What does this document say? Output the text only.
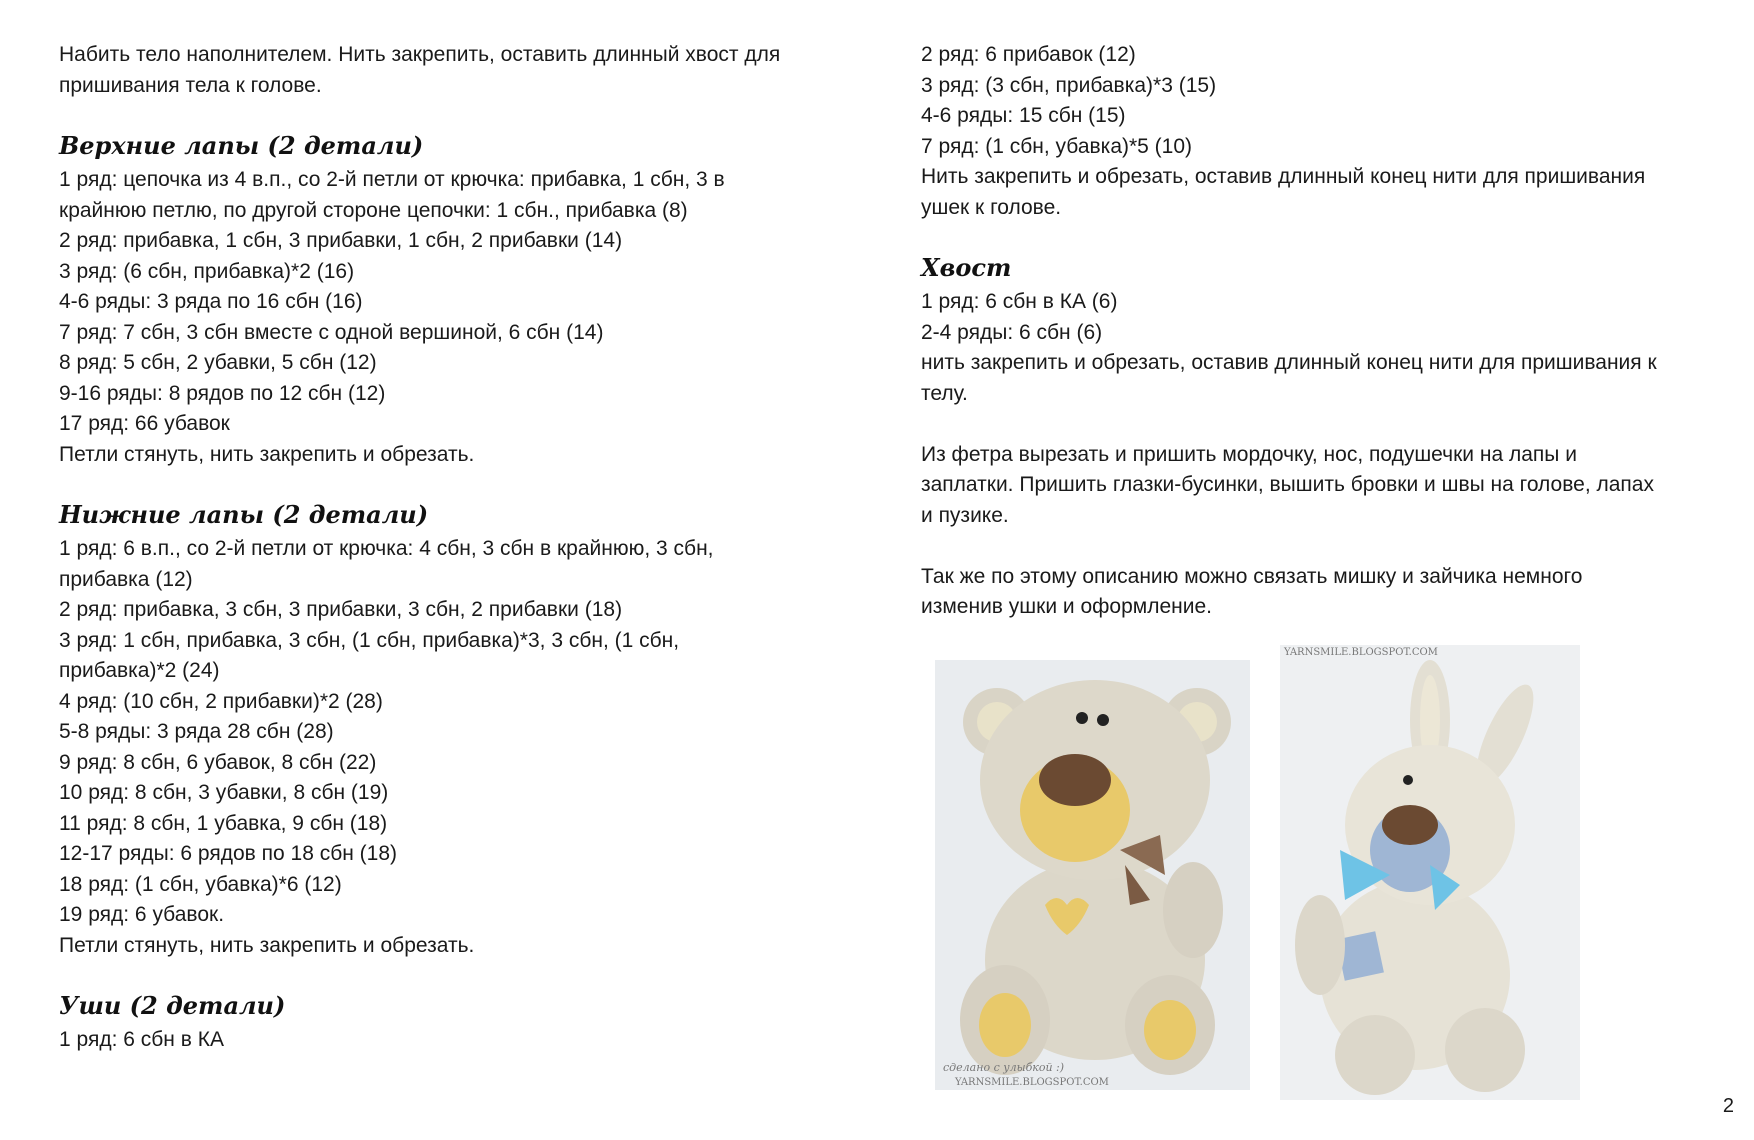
Набить тело наполнителем. Нить закрепить, оставить длинный хвост для
пришивания тела к голове.
Верхние лапы (2 детали)
1 ряд: цепочка из 4 в.п., со 2-й петли от крючка: прибавка, 1 сбн, 3 в
крайнюю петлю, по другой стороне цепочки: 1 сбн., прибавка (8)
2 ряд: прибавка, 1 сбн, 3 прибавки, 1 сбн, 2 прибавки (14)
3 ряд: (6 сбн, прибавка)*2 (16)
4-6 ряды: 3 ряда по 16 сбн (16)
7 ряд: 7 сбн, 3 сбн вместе с одной вершиной, 6 сбн (14)
8 ряд: 5 сбн, 2 убавки, 5 сбн (12)
9-16 ряды: 8 рядов по 12 сбн (12)
17 ряд: 66 убавок
Петли стянуть, нить закрепить и обрезать.
Нижние лапы (2 детали)
1 ряд: 6 в.п., со 2-й петли от крючка: 4 сбн, 3 сбн в крайнюю, 3 сбн,
прибавка (12)
2 ряд: прибавка, 3 сбн, 3 прибавки, 3 сбн, 2 прибавки (18)
3 ряд: 1 сбн, прибавка, 3 сбн, (1 сбн, прибавка)*3, 3 сбн, (1 сбн,
прибавка)*2 (24)
4 ряд: (10 сбн, 2 прибавки)*2 (28)
5-8 ряды: 3 ряда 28 сбн (28)
9 ряд: 8 сбн, 6 убавок, 8 сбн (22)
10 ряд: 8 сбн, 3 убавки, 8 сбн (19)
11 ряд: 8 сбн, 1 убавка, 9 сбн (18)
12-17 ряды: 6 рядов по 18 сбн (18)
18 ряд: (1 сбн, убавка)*6 (12)
19 ряд: 6 убавок.
Петли стянуть, нить закрепить и обрезать.
Уши (2 детали)
1 ряд: 6 сбн в КА
2 ряд: 6 прибавок (12)
3 ряд: (3 сбн, прибавка)*3 (15)
4-6 ряды: 15 сбн (15)
7 ряд: (1 сбн, убавка)*5 (10)
Нить закрепить и обрезать, оставив длинный конец нити для пришивания
ушек к голове.
Хвост
1 ряд: 6 сбн в КА (6)
2-4 ряды: 6 сбн (6)
нить закрепить и обрезать, оставив длинный конец нити для пришивания к
телу.
Из фетра вырезать и пришить мордочку, нос, подушечки на лапы и
заплатки. Пришить глазки-бусинки, вышить бровки и швы на голове, лапах
и пузике.
Так же по этому описанию можно связать мишку и зайчика немного
изменив ушки и оформление.
сделано с улыбкой :)
YARNSMILE.BLOGSPOT.COM
YARNSMILE.BLOGSPOT.COM
2
